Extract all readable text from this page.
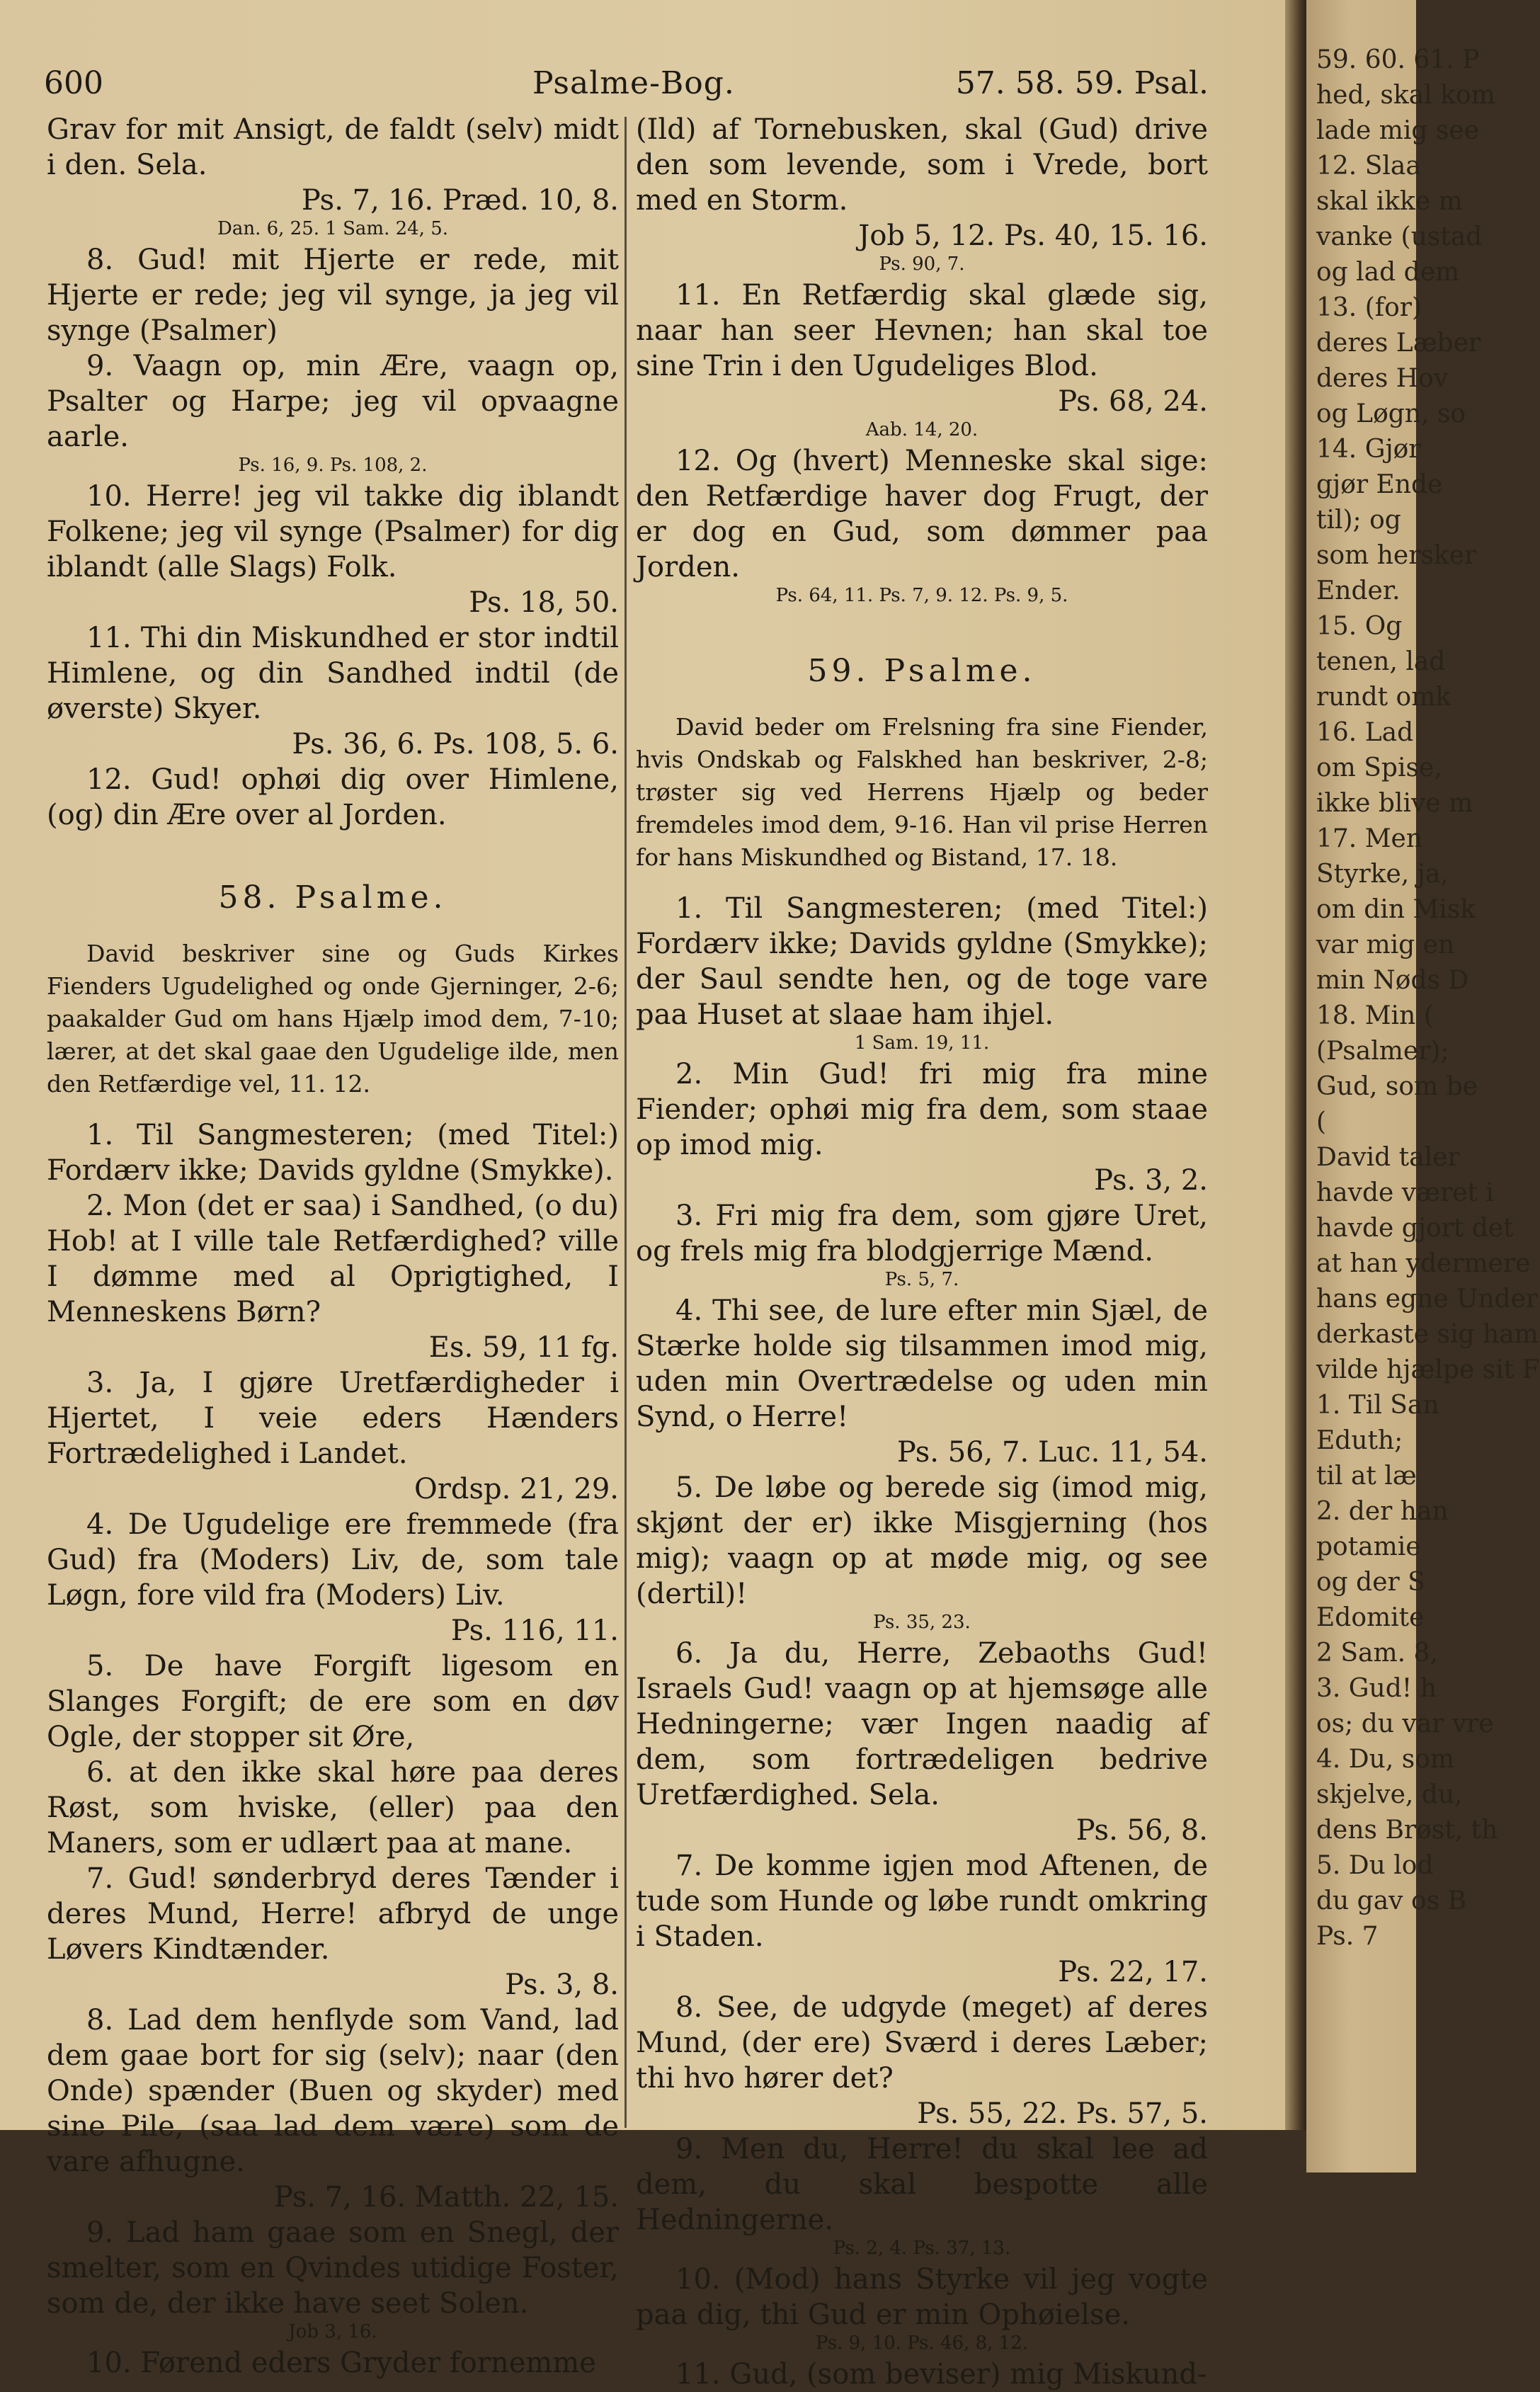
600	Psalme-Bog.	57. 58. 59. Psal.

Grav for mit Ansigt, de faldt (selv) midt i den. Sela.

Ps. 7, 16. Præd. 10, 8.

Dan. 6, 25. 1 Sam. 24, 5.

8. Gud! mit Hjerte er rede, mit Hjerte er rede; jeg vil synge, ja jeg vil synge (Psalmer)

9. Vaagn op, min Ære, vaagn op, Psalter og Harpe; jeg vil opvaagne aarle.

Ps. 16, 9. Ps. 108, 2.

10. Herre! jeg vil takke dig iblandt Folkene; jeg vil synge (Psalmer) for dig iblandt (alle Slags) Folk.

Ps. 18, 50.

11. Thi din Miskundhed er stor indtil Himlene, og din Sandhed indtil (de øverste) Skyer.

Ps. 36, 6. Ps. 108, 5. 6.

12. Gud! ophøi dig over Himlene, (og) din Ære over al Jorden.

58. Psalme.

David beskriver sine og Guds Kirkes Fienders Ugudelighed og onde Gjerninger, 2-6; paakalder Gud om hans Hjælp imod dem, 7-10; lærer, at det skal gaae den Ugudelige ilde, men den Retfærdige vel, 11. 12.

1. Til Sangmesteren; (med Titel:) Fordærv ikke; Davids gyldne (Smykke).

2. Mon (det er saa) i Sandhed, (o du) Hob! at I ville tale Retfærdighed? ville I dømme med al Oprigtighed, I Menneskens Børn?

Es. 59, 11 fg.

3. Ja, I gjøre Uretfærdigheder i Hjertet, I veie eders Hænders Fortrædelighed i Landet.

Ordsp. 21, 29.

4. De Ugudelige ere fremmede (fra Gud) fra (Moders) Liv, de, som tale Løgn, fore vild fra (Moders) Liv.

Ps. 116, 11.

5. De have Forgift ligesom en Slanges Forgift; de ere som en døv Ogle, der stopper sit Øre,

6. at den ikke skal høre paa deres Røst, som hviske, (eller) paa den Maners, som er udlært paa at mane.

7. Gud! sønderbryd deres Tænder i deres Mund, Herre! afbryd de unge Løvers Kindtænder.

Ps. 3, 8.

8. Lad dem henflyde som Vand, lad dem gaae bort for sig (selv); naar (den Onde) spænder (Buen og skyder) med sine Pile, (saa lad dem være) som de vare afhugne.

Ps. 7, 16. Matth. 22, 15.

9. Lad ham gaae som en Snegl, der smelter, som en Qvindes utidige Foster, som de, der ikke have seet Solen.

Job 3, 16.

10. Førend eders Gryder fornemme

(Ild) af Tornebusken, skal (Gud) drive den som levende, som i Vrede, bort med en Storm.

Job 5, 12. Ps. 40, 15. 16.

Ps. 90, 7.

11. En Retfærdig skal glæde sig, naar han seer Hevnen; han skal toe sine Trin i den Ugudeliges Blod.

Ps. 68, 24.

Aab. 14, 20.

12. Og (hvert) Menneske skal sige: den Retfærdige haver dog Frugt, der er dog en Gud, som dømmer paa Jorden.

Ps. 64, 11. Ps. 7, 9. 12. Ps. 9, 5.

59. Psalme.

David beder om Frelsning fra sine Fiender, hvis Ondskab og Falskhed han beskriver, 2-8; trøster sig ved Herrens Hjælp og beder fremdeles imod dem, 9-16. Han vil prise Herren for hans Miskundhed og Bistand, 17. 18.

1. Til Sangmesteren; (med Titel:) Fordærv ikke; Davids gyldne (Smykke); der Saul sendte hen, og de toge vare paa Huset at slaae ham ihjel.

1 Sam. 19, 11.

2. Min Gud! fri mig fra mine Fiender; ophøi mig fra dem, som staae op imod mig.

Ps. 3, 2.

3. Fri mig fra dem, som gjøre Uret, og frels mig fra blodgjerrige Mænd.

Ps. 5, 7.

4. Thi see, de lure efter min Sjæl, de Stærke holde sig tilsammen imod mig, uden min Overtrædelse og uden min Synd, o Herre!

Ps. 56, 7. Luc. 11, 54.

5. De løbe og berede sig (imod mig, skjønt der er) ikke Misgjerning (hos mig); vaagn op at møde mig, og see (dertil)!

Ps. 35, 23.

6. Ja du, Herre, Zebaoths Gud! Israels Gud! vaagn op at hjemsøge alle Hedningerne; vær Ingen naadig af dem, som fortrædeligen bedrive Uretfærdighed. Sela.

Ps. 56, 8.

7. De komme igjen mod Aftenen, de tude som Hunde og løbe rundt omkring i Staden.

Ps. 22, 17.

8. See, de udgyde (meget) af deres Mund, (der ere) Sværd i deres Læber; thi hvo hører det?

Ps. 55, 22. Ps. 57, 5.

9. Men du, Herre! du skal lee ad dem, du skal bespotte alle Hedningerne.

Ps. 2, 4. Ps. 37, 13.

10. (Mod) hans Styrke vil jeg vogte paa dig, thi Gud er min Ophøielse.

Ps. 9, 10. Ps. 46, 8, 12.

11. Gud, (som beviser) mig Miskund-

59. 60. 61. P
hed, skal kom
lade mig see
12. Slaa
skal ikke m
vanke (ustad
og lad dem
13. (for)
deres Læber
deres Hov
og Løgn, so
14. Gjør
gjør Ende
til); og
som hersker
Ender.
15. Og
tenen, lad
rundt omk
16. Lad
om Spise,
ikke blive m
17. Men
Styrke, ja,
om din Misk
var mig en
min Nøds D
18. Min (
(Psalmer);
Gud, som be
(
David taler
havde været i
havde gjort det
at han ydermere
hans egne Under
derkaste sig ham
vilde hjælpe sit F
1. Til San
Eduth;
til at læ
2. der han
potamie
og der S
Edomite
2 Sam. 8,
3. Gud! h
os; du var vre
4. Du, som
skjelve, du,
dens Brøst, th
5. Du lod
du gav os B
Ps. 7
